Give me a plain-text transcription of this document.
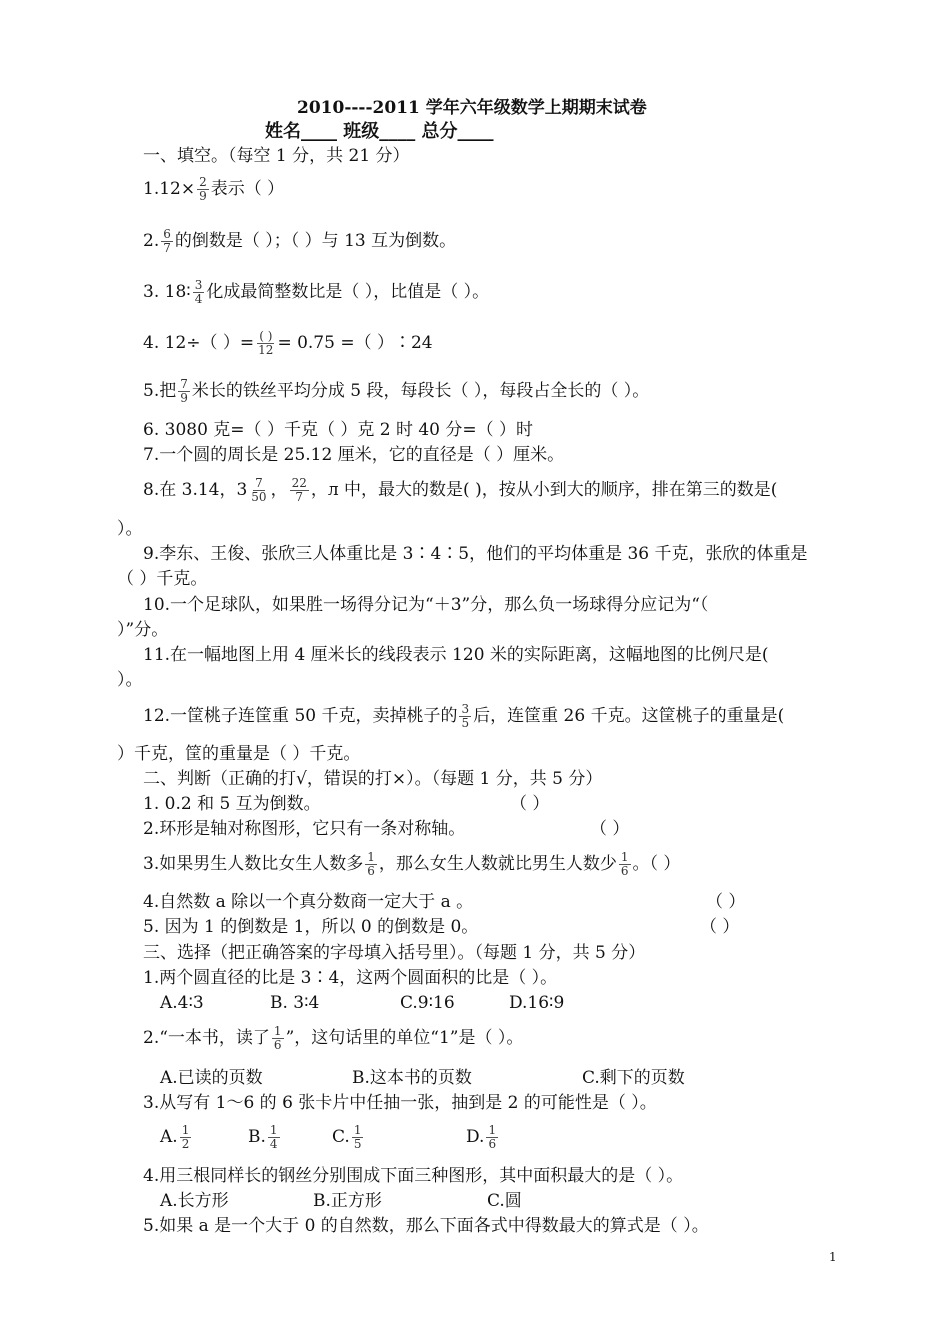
2010----2011 学年六年级数学上期期末试卷
姓名____ 班级____ 总分____
一、填空。（每空 1 分，共 21 分）
$1.12\times \frac{2}{9}$ 表示（ ）
2. $\frac{6}{7}$ 的倒数是（ ）；（ ）与 13 互为倒数。
3. 18∶ $\frac{3}{4}$ 化成最简整数比是（ ），比值是（ ）。
4. 12÷（ ）= $\frac{( )}{12} = 0.75$ =（ ）∶24
5.把 $\frac{7}{9}$ 米长的铁丝平均分成 5 段，每段长（ ），每段占全长的（ ）。
6. 3080 克=（ ）千克（ ）克 2 时 40 分=（ ）时
7.一个圆的周长是 25.12 厘米，它的直径是（ ）厘米。
8.在 3.14，$3 \frac{7}{50}$ ， $\frac{22}{7}$ ，л 中，最大的数是( )，按从小到大的顺序，排在第三的数是(
）。
9.李东、王俊、张欣三人体重比是 3∶4∶5，他们的平均体重是 36 千克，张欣的体重是
（ ）千克。
10.一个足球队，如果胜一场得分记为“＋3”分，那么负一场球得分应记为“（
）”分。
11.在一幅地图上用 4 厘米长的线段表示 120 米的实际距离，这幅地图的比例尺是(
）。
12.一筐桃子连筐重 50 千克，卖掉桃子的 $\frac{3}{5}$ 后，连筐重 26 千克。这筐桃子的重量是(
）千克，筐的重量是（ ）千克。
二、判断（正确的打√，错误的打×）。（每题 1 分，共 5 分）
1. 0.2 和 5 互为倒数。	（ ）
2.环形是轴对称图形，它只有一条对称轴。	（ ）
3.如果男生人数比女生人数多 $\frac{1}{6}$ ，那么女生人数就比男生人数少 $\frac{1}{6}$ 。（ ）
4.自然数 a 除以一个真分数商一定大于 a 。	（ ）
5. 因为 1 的倒数是 1，所以 0 的倒数是 0。	（ ）
三、选择（把正确答案的字母填入括号里）。（每题 1 分，共 5 分）
1.两个圆直径的比是 3∶4，这两个圆面积的比是（ ）。
A.4∶3	B. 3∶4	C.9∶16	D.16∶9
2.“一本书，读了 $\frac{1}{6}$ ”，这句话里的单位“1”是（ ）。
A.已读的页数	B.这本书的页数	C.剩下的页数
3.从写有 1～6 的 6 张卡片中任抽一张，抽到是 2 的可能性是（ ）。
A. $\frac{1}{2}$	B. $\frac{1}{4}$	C. $\frac{1}{5}$	D. $\frac{1}{6}$
4.用三根同样长的钢丝分别围成下面三种图形，其中面积最大的是（ ）。
A.长方形	B.正方形	C.圆
5.如果 a 是一个大于 0 的自然数，那么下面各式中得数最大的算式是（ ）。
1
